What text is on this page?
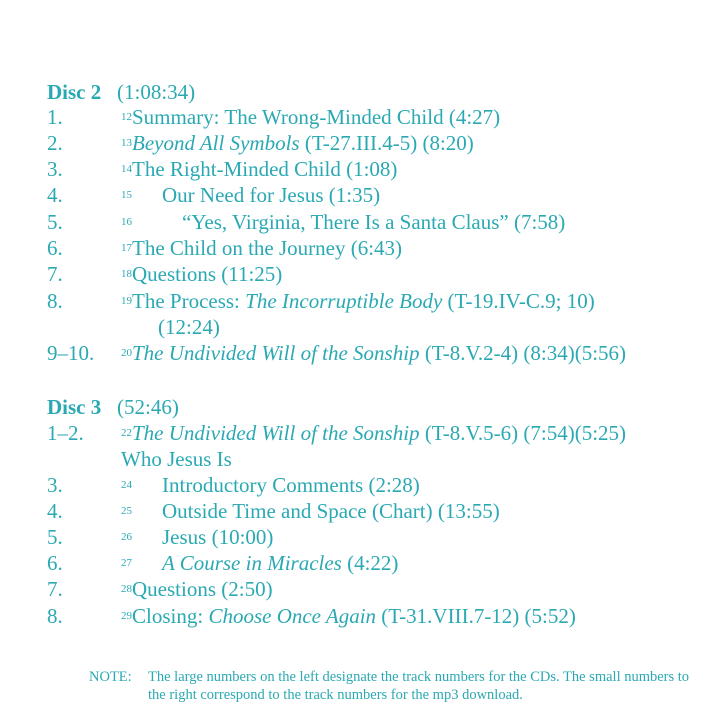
Disc 2 (1:08:34)
1.	$^{12}$Summary: The Wrong-Minded Child (4:27)
2.	$^{13}$Beyond All Symbols (T-27.III.4-5) (8:20)
3.	$^{14}$The Right-Minded Child (1:08)
4.	$^{15}$ Our Need for Jesus (1:35)
5.	$^{16}$ “Yes, Virginia, There Is a Santa Claus” (7:58)
6.	$^{17}$The Child on the Journey (6:43)
7.	$^{18}$Questions (11:25)
8.	$^{19}$The Process: The Incorruptible Body (T-19.IV-C.9; 10)
(12:24)
9–10. $^{20}$The Undivided Will of the Sonship (T-8.V.2-4) (8:34)(5:56)
Disc 3 (52:46)
1–2.	$^{22}$The Undivided Will of the Sonship (T-8.V.5-6) (7:54)(5:25)
Who Jesus Is
3.	$^{24}$ Introductory Comments (2:28)
4.	$^{25}$ Outside Time and Space (Chart) (13:55)
5.	$^{26}$ Jesus (10:00)
6.	$^{27}$ A Course in Miracles (4:22)
7.	$^{28}$Questions (2:50)
8.	$^{29}$Closing: Choose Once Again (T-31.VIII.7-12) (5:52)
NOTE: The large numbers on the left designate the track numbers for the CDs. The small numbers to the right correspond to the track numbers for the mp3 download.
